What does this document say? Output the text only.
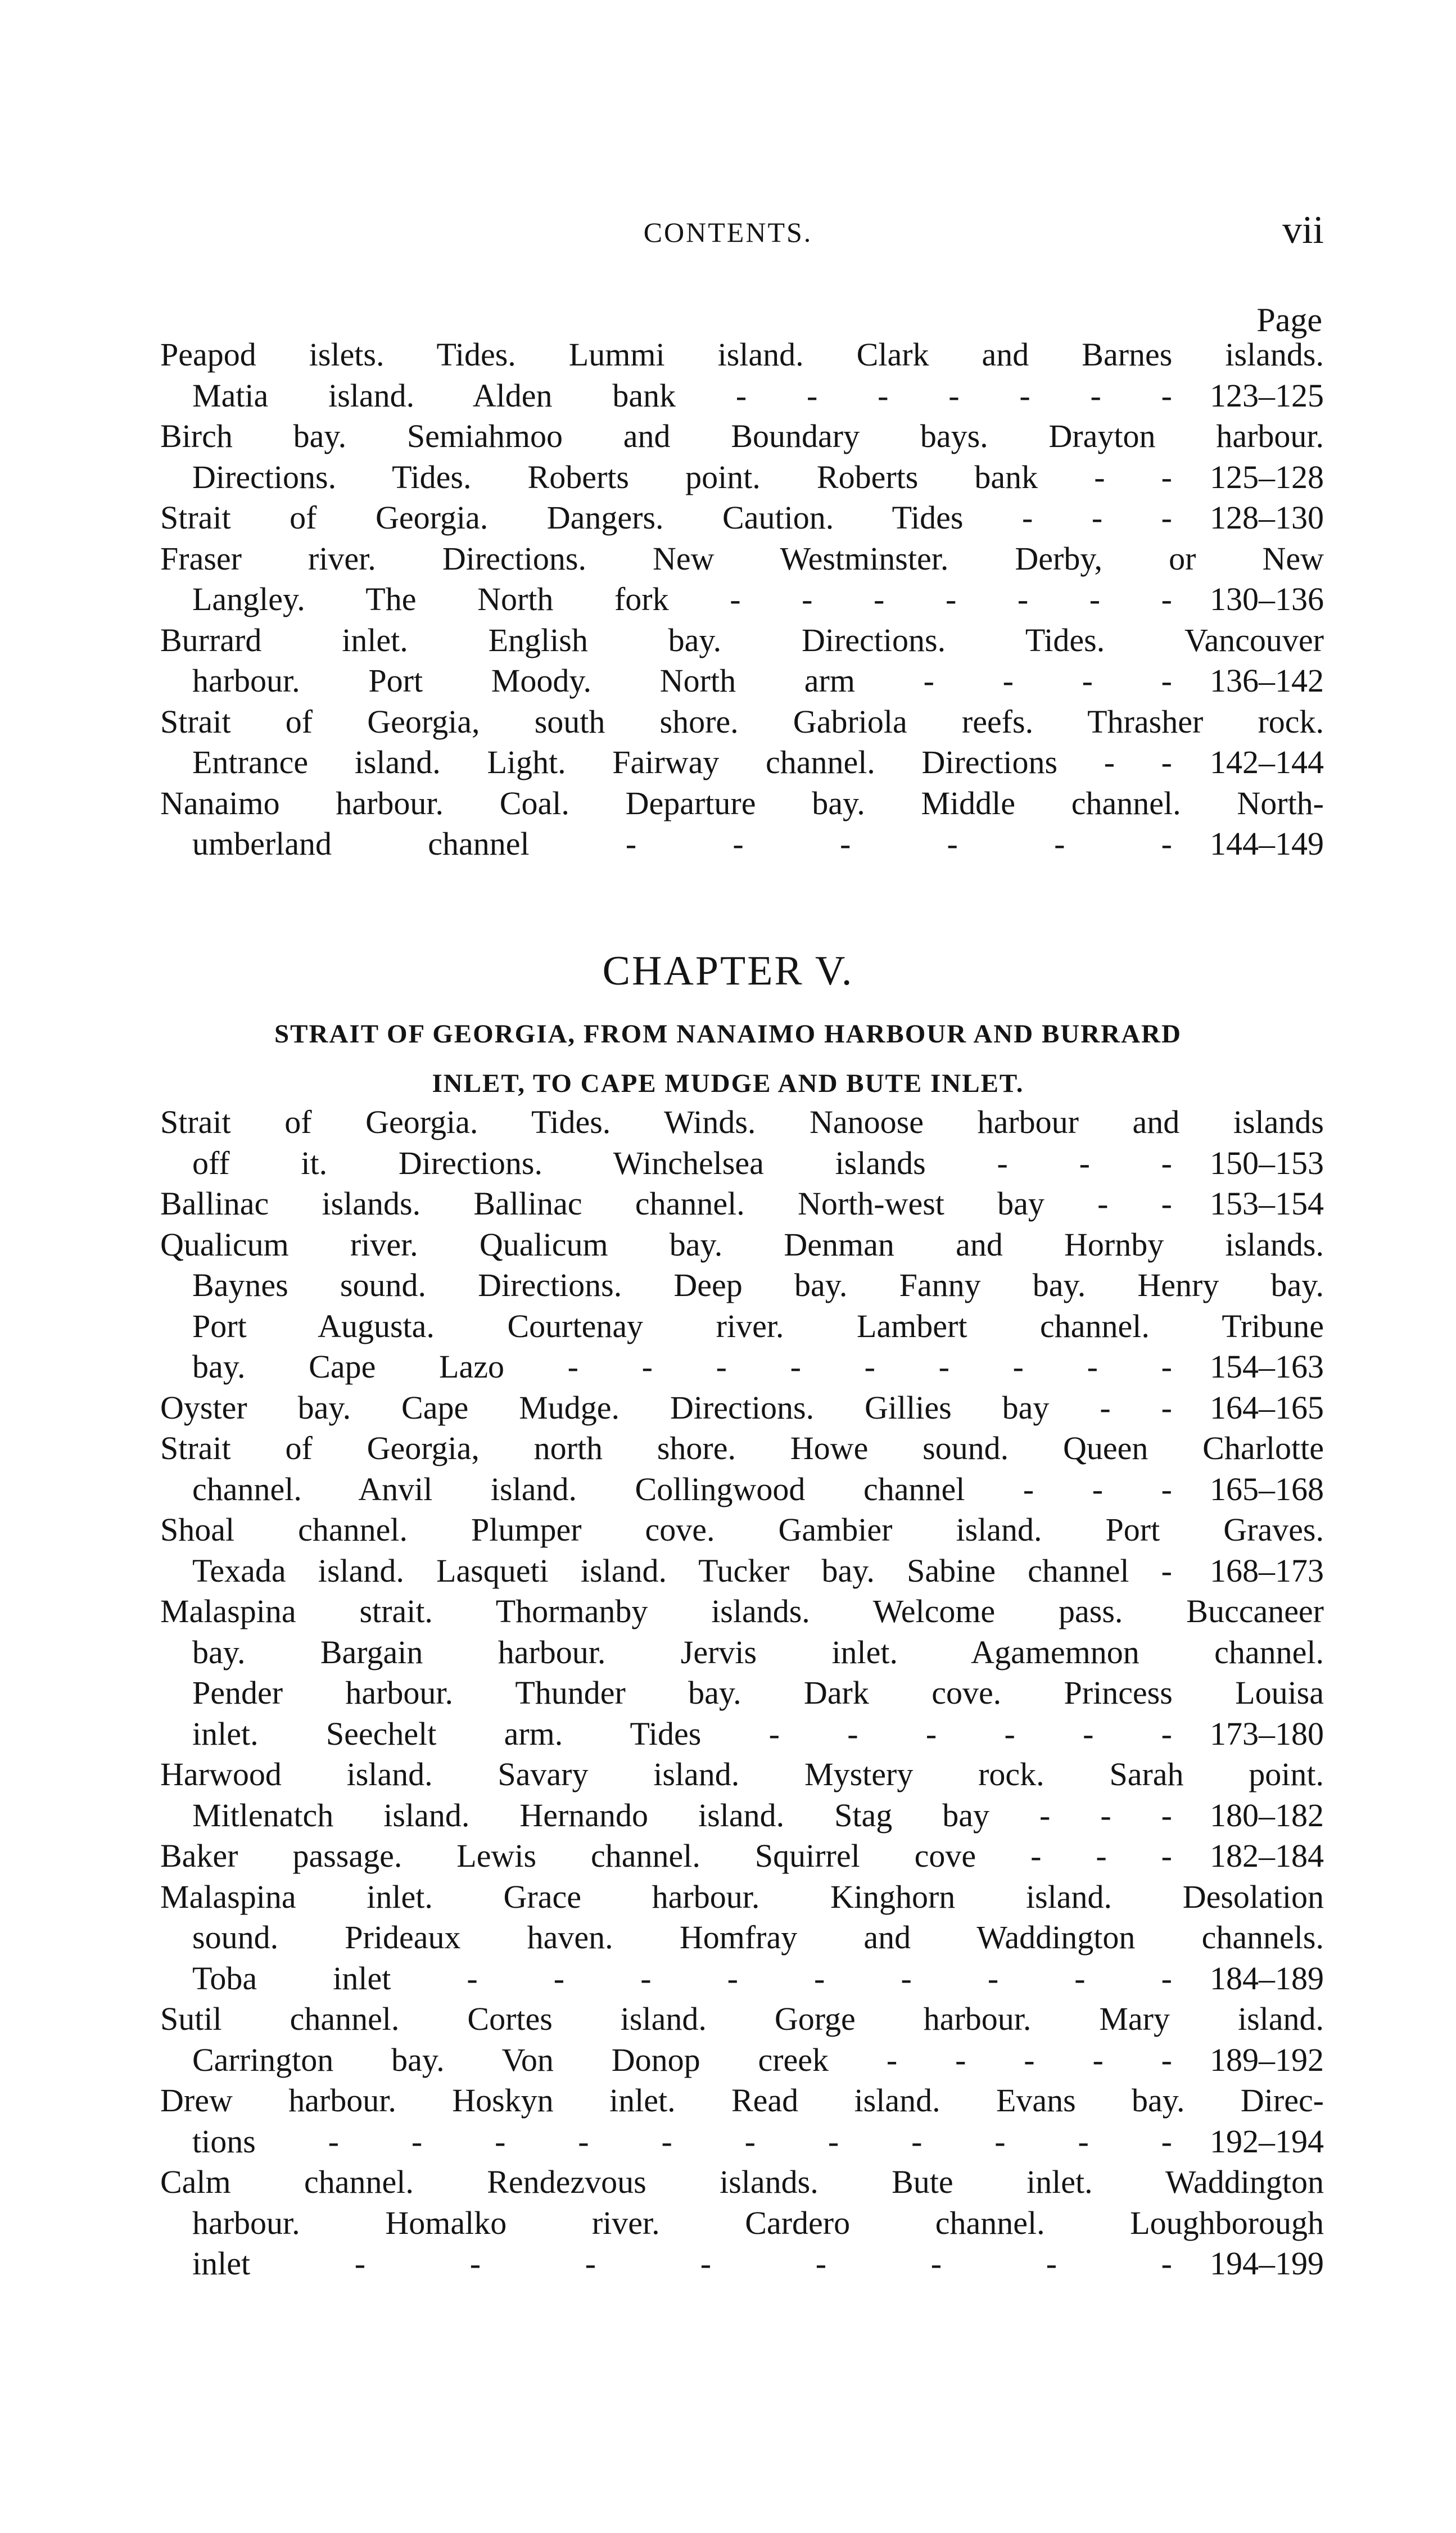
CONTENTS.	vii
Page
Peapod islets. Tides. Lummi island. Clark and Barnes islands.
Matia island. Alden bank - - - - - - -	123–125
Birch bay. Semiahmoo and Boundary bays. Drayton harbour.
Directions. Tides. Roberts point. Roberts bank - -	125–128
Strait of Georgia. Dangers. Caution. Tides - - -	128–130
Fraser river. Directions. New Westminster. Derby, or New
Langley. The North fork - - - - - - -	130–136
Burrard inlet. English bay. Directions. Tides. Vancouver
harbour. Port Moody. North arm - - - -	136–142
Strait of Georgia, south shore. Gabriola reefs. Thrasher rock.
Entrance island. Light. Fairway channel. Directions - -	142–144
Nanaimo harbour. Coal. Departure bay. Middle channel. North-
umberland channel - - - - - -	144–149
CHAPTER V.
STRAIT OF GEORGIA, FROM NANAIMO HARBOUR AND BURRARD
INLET, TO CAPE MUDGE AND BUTE INLET.
Strait of Georgia. Tides. Winds. Nanoose harbour and islands
off it. Directions. Winchelsea islands - - -	150–153
Ballinac islands. Ballinac channel. North-west bay - -	153–154
Qualicum river. Qualicum bay. Denman and Hornby islands.
Baynes sound. Directions. Deep bay. Fanny bay. Henry bay.
Port Augusta. Courtenay river. Lambert channel. Tribune
bay. Cape Lazo - - - - - - - - -	154–163
Oyster bay. Cape Mudge. Directions. Gillies bay - -	164–165
Strait of Georgia, north shore. Howe sound. Queen Charlotte
channel. Anvil island. Collingwood channel - - -	165–168
Shoal channel. Plumper cove. Gambier island. Port Graves.
Texada island. Lasqueti island. Tucker bay. Sabine channel -	168–173
Malaspina strait. Thormanby islands. Welcome pass. Buccaneer
bay. Bargain harbour. Jervis inlet. Agamemnon channel.
Pender harbour. Thunder bay. Dark cove. Princess Louisa
inlet. Seechelt arm. Tides - - - - - -	173–180
Harwood island. Savary island. Mystery rock. Sarah point.
Mitlenatch island. Hernando island. Stag bay - - -	180–182
Baker passage. Lewis channel. Squirrel cove - - -	182–184
Malaspina inlet. Grace harbour. Kinghorn island. Desolation
sound. Prideaux haven. Homfray and Waddington channels.
Toba inlet - - - - - - - - -	184–189
Sutil channel. Cortes island. Gorge harbour. Mary island.
Carrington bay. Von Donop creek - - - - -	189–192
Drew harbour. Hoskyn inlet. Read island. Evans bay. Direc-
tions - - - - - - - - - - -	192–194
Calm channel. Rendezvous islands. Bute inlet. Waddington
harbour. Homalko river. Cardero channel. Loughborough
inlet - - - - - - - -	194–199
